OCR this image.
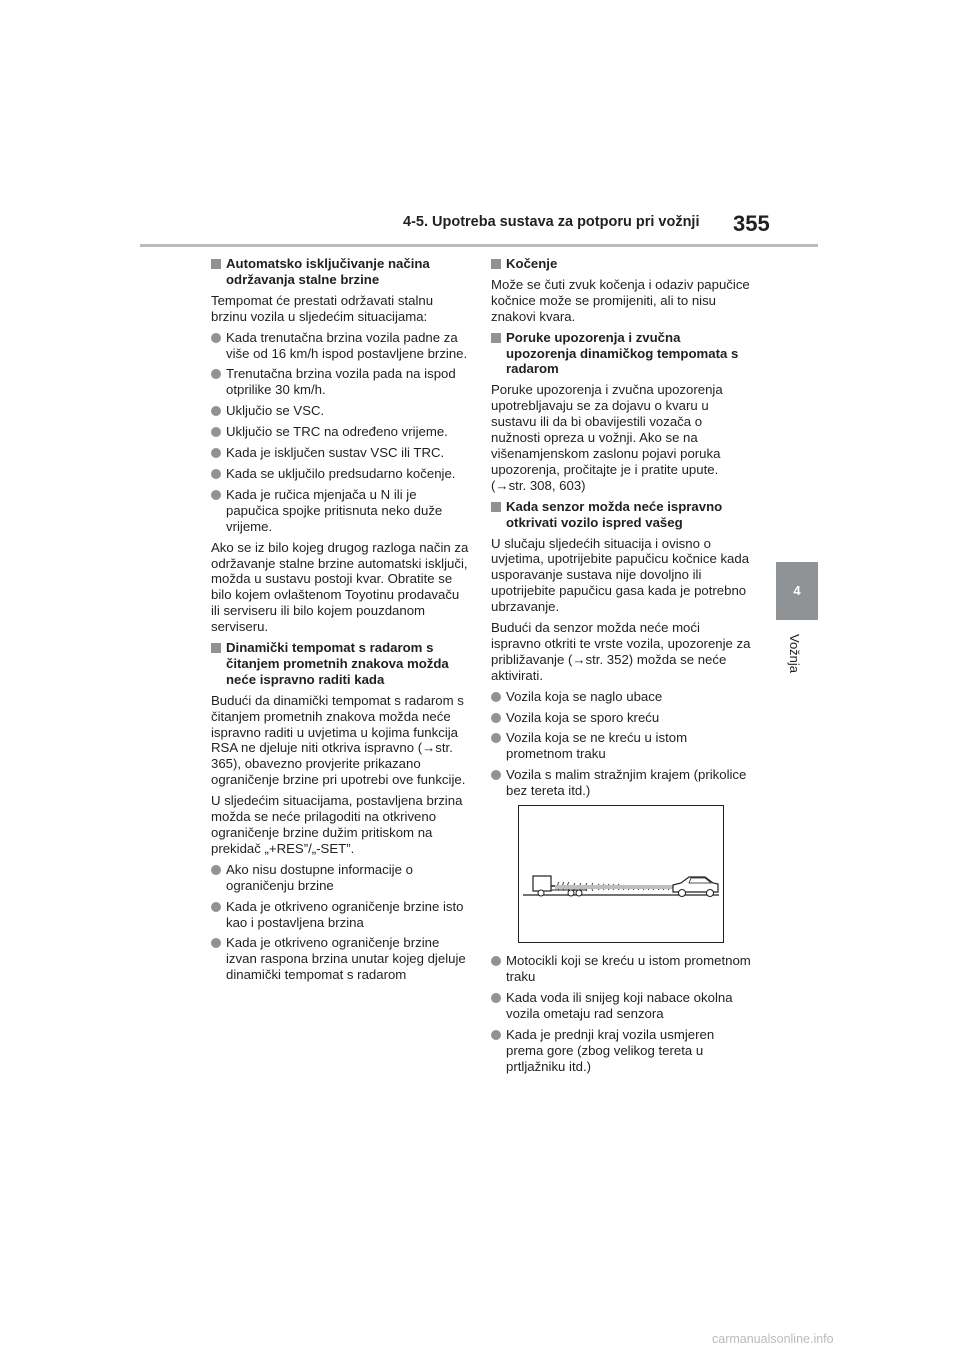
4-5. Upotreba sustava za potporu pri vožnji 355
4
Vožnja
Automatsko isključivanje načina održavanja stalne brzine
Tempomat će prestati održavati stalnu brzinu vozila u sljedećim situacijama:
Kada trenutačna brzina vozila padne za više od 16 km/h ispod postavljene brzine.
Trenutačna brzina vozila pada na ispod otprilike 30 km/h.
Uključio se VSC.
Uključio se TRC na određeno vrijeme.
Kada je isključen sustav VSC ili TRC.
Kada se uključilo predsudarno kočenje.
Kada je ručica mjenjača u N ili je papučica spojke pritisnuta neko duže vrijeme.
Ako se iz bilo kojeg drugog razloga način za održavanje stalne brzine automatski isključi, možda u sustavu postoji kvar. Obratite se bilo kojem ovlaštenom Toyotinu prodavaču ili serviseru ili bilo kojem pouzdanom serviseru.
Dinamički tempomat s radarom s čitanjem prometnih znakova možda neće ispravno raditi kada
Budući da dinamički tempomat s radarom s čitanjem prometnih znakova možda neće ispravno raditi u uvjetima u kojima funkcija RSA ne djeluje niti otkriva ispravno (→str. 365), obavezno provjerite prikazano ograničenje brzine pri upotrebi ove funkcije.
U sljedećim situacijama, postavljena brzina možda se neće prilagoditi na otkriveno ograničenje brzine dužim pritiskom na prekidač „+RES”/„-SET”.
Ako nisu dostupne informacije o ograničenju brzine
Kada je otkriveno ograničenje brzine isto kao i postavljena brzina
Kada je otkriveno ograničenje brzine izvan raspona brzina unutar kojeg djeluje dinamički tempomat s radarom
Kočenje
Može se čuti zvuk kočenja i odaziv papučice kočnice može se promijeniti, ali to nisu znakovi kvara.
Poruke upozorenja i zvučna upozorenja dinamičkog tempomata s radarom
Poruke upozorenja i zvučna upozorenja upotrebljavaju se za dojavu o kvaru u sustavu ili da bi obavijestili vozača o nužnosti opreza u vožnji. Ako se na višenamjenskom zaslonu pojavi poruka upozorenja, pročitajte je i pratite upute. (→str. 308, 603)
Kada senzor možda neće ispravno otkrivati vozilo ispred vašeg
U slučaju sljedećih situacija i ovisno o uvjetima, upotrijebite papučicu kočnice kada usporavanje sustava nije dovoljno ili upotrijebite papučicu gasa kada je potrebno ubrzavanje.
Budući da senzor možda neće moći ispravno otkriti te vrste vozila, upozorenje za približavanje (→str. 352) možda se neće aktivirati.
Vozila koja se naglo ubace
Vozila koja se sporo kreću
Vozila koja se ne kreću u istom prometnom traku
Vozila s malim stražnjim krajem (prikolice bez tereta itd.)
Motocikli koji se kreću u istom prometnom traku
Kada voda ili snijeg koji nabace okolna vozila ometaju rad senzora
Kada je prednji kraj vozila usmjeren prema gore (zbog velikog tereta u prtljažniku itd.)
carmanualsonline.info
